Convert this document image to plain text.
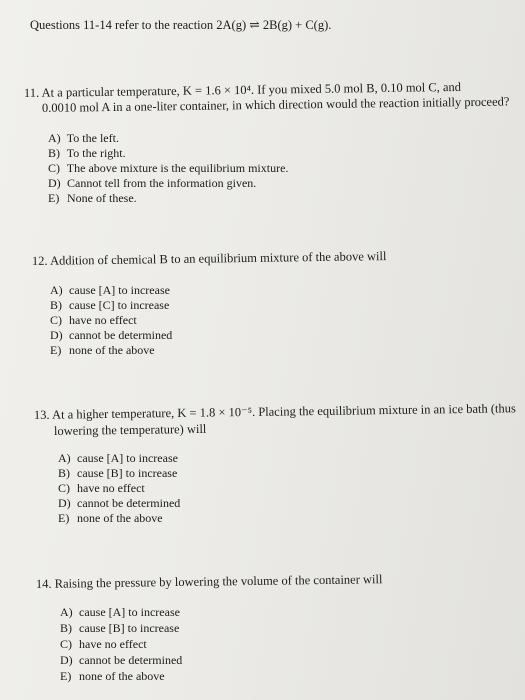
Questions 11-14 refer to the reaction 2A(g) ⇌ 2B(g) + C(g).
11. At a particular temperature, K = 1.6 × 10⁴. If you mixed 5.0 mol B, 0.10 mol C, and
0.0010 mol A in a one-liter container, in which direction would the reaction initially proceed?
A) To the left.
B) To the right.
C) The above mixture is the equilibrium mixture.
D) Cannot tell from the information given.
E) None of these.
12. Addition of chemical B to an equilibrium mixture of the above will
A) cause [A] to increase
B) cause [C] to increase
C) have no effect
D) cannot be determined
E) none of the above
13. At a higher temperature, K = 1.8 × 10⁻⁵. Placing the equilibrium mixture in an ice bath (thus
lowering the temperature) will
A) cause [A] to increase
B) cause [B] to increase
C) have no effect
D) cannot be determined
E) none of the above
14. Raising the pressure by lowering the volume of the container will
A) cause [A] to increase
B) cause [B] to increase
C) have no effect
D) cannot be determined
E) none of the above
